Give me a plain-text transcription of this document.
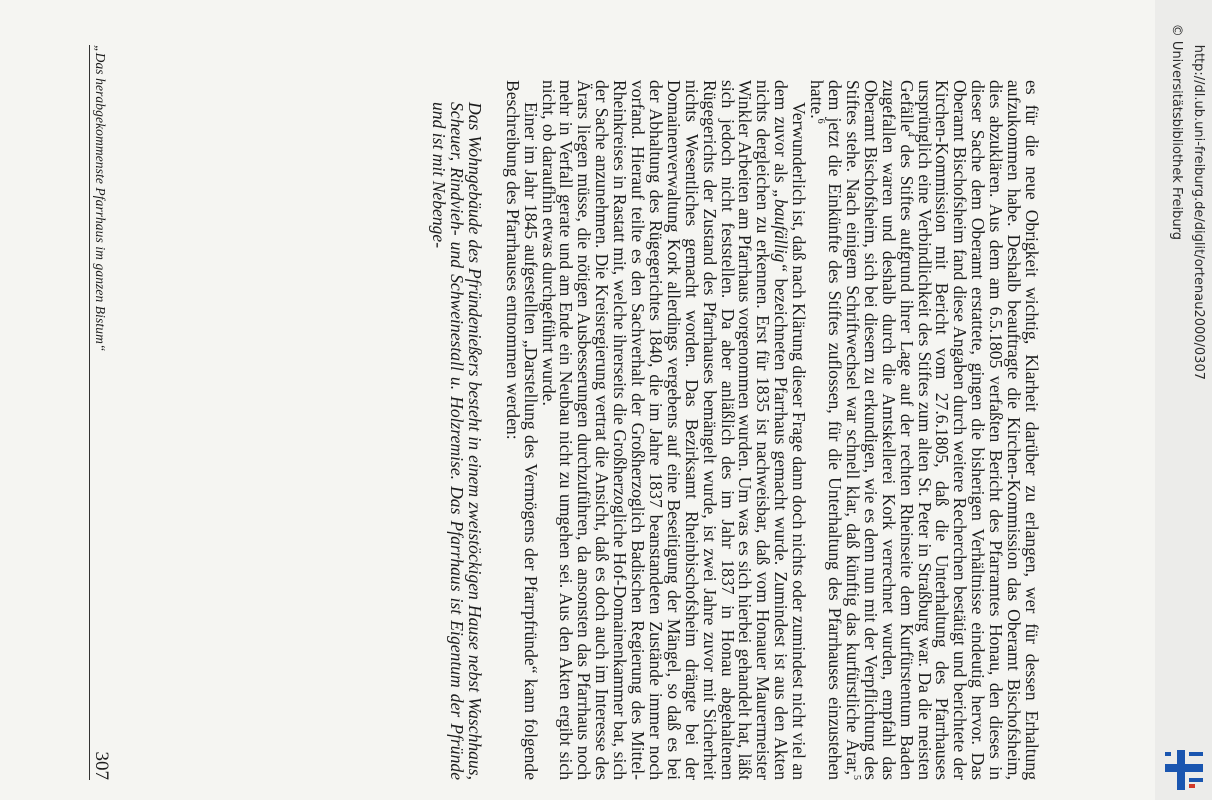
„Das herabgekommenste Pfarrhaus im ganzen Bistum“
307	es für die neue Obrigkeit wichtig, Klarheit darüber zu erlangen, wer für dessen Erhaltung aufzukommen habe. Deshalb beauftragte die Kirchen-Kommission das Oberamt Bischofsheim, dies abzuklären. Aus dem am 6.5.1805 verfaßten Bericht des Pfarramtes Honau, den dieses in dieser Sache dem Oberamt erstattete, gingen die bisherigen Verhältnisse eindeutig hervor. Das Oberamt Bischofsheim fand diese Angaben durch weitere Recherchen bestätigt und berichtete der Kirchen-Kommission mit Bericht vom 27.6.1805, daß die Unterhaltung des Pfarrhauses ursprünglich eine Verbindlichkeit des Stiftes zum alten St. Peter in Straßburg war. Da die meisten Gefälle$^4$ des Stiftes aufgrund ihrer Lage auf der rechten Rheinseite dem Kurfürstentum Baden zugefallen waren und deshalb durch die Amtskellerei Kork verrechnet wurden, empfahl das Oberamt Bischofsheim, sich bei diesem zu erkundigen, wie es denn nun mit der Verpflichtung des Stiftes stehe. Nach einigem Schriftwechsel war schnell klar, daß künftig das kurfürstliche Ärar,$^5$ dem jetzt die Einkünfte des Stiftes zuflossen, für die Unterhaltung des Pfarrhauses einzustehen hatte.$^6$

Verwunderlich ist, daß nach Klärung dieser Frage dann doch nichts oder zumindest nicht viel an dem zuvor als „baufällig“ bezeichneten Pfarrhaus gemacht wurde. Zumindest ist aus den Akten nichts dergleichen zu erkennen. Erst für 1835 ist nachweisbar, daß vom Honauer Maurermeister Winkler Arbeiten am Pfarrhaus vorgenommen wurden. Um was es sich hierbei gehandelt hat, läßt sich jedoch nicht feststellen. Da aber anläßlich des im Jahr 1837 in Honau abgehaltenen Rügegerichts der Zustand des Pfarrhauses bemängelt wurde, ist zwei Jahre zuvor mit Sicherheit nichts Wesentliches gemacht worden. Das Bezirksamt Rheinbischofsheim drängte bei der Domainenverwaltung Kork allerdings vergebens auf eine Beseitigung der Mängel, so daß es bei der Abhaltung des Rügegerichtes 1840, die im Jahre 1837 beanstandeten Zustände immer noch vorfand. Hierauf teilte es den Sachverhalt der Großherzoglich Badischen Regierung des Mittel-Rheinkreises in Rastatt mit, welche ihrerseits die Großherzogliche Hof-Domainenkammer bat, sich der Sache anzunehmen. Die Kreisregierung vertrat die Ansicht, daß es doch auch im Interesse des Ärars liegen müsse, die nötigen Ausbesserungen durchzuführen, da ansonsten das Pfarrhaus noch mehr in Verfall gerate und am Ende ein Neubau nicht zu umgehen sei. Aus den Akten ergibt sich nicht, ob daraufhin etwas durchgeführt wurde.

Einer im Jahr 1845 aufgestellten „Darstellung des Vermögens der Pfarrpfründe“ kann folgende Beschreibung des Pfarrhauses entnommen werden:

Das Wohngebäude des Pfründenießers besteht in einem zweistöckigen Hause nebst Waschhaus, Scheuer, Rindvieh- und Schweinestall u. Holzremise. Das Pfarrhaus ist Eigentum der Pfründe und ist mit Nebenge-	http://dl.ub.uni-freiburg.de/diglit/ortenau2000/0307
© Universitätsbibliothek Freiburg
